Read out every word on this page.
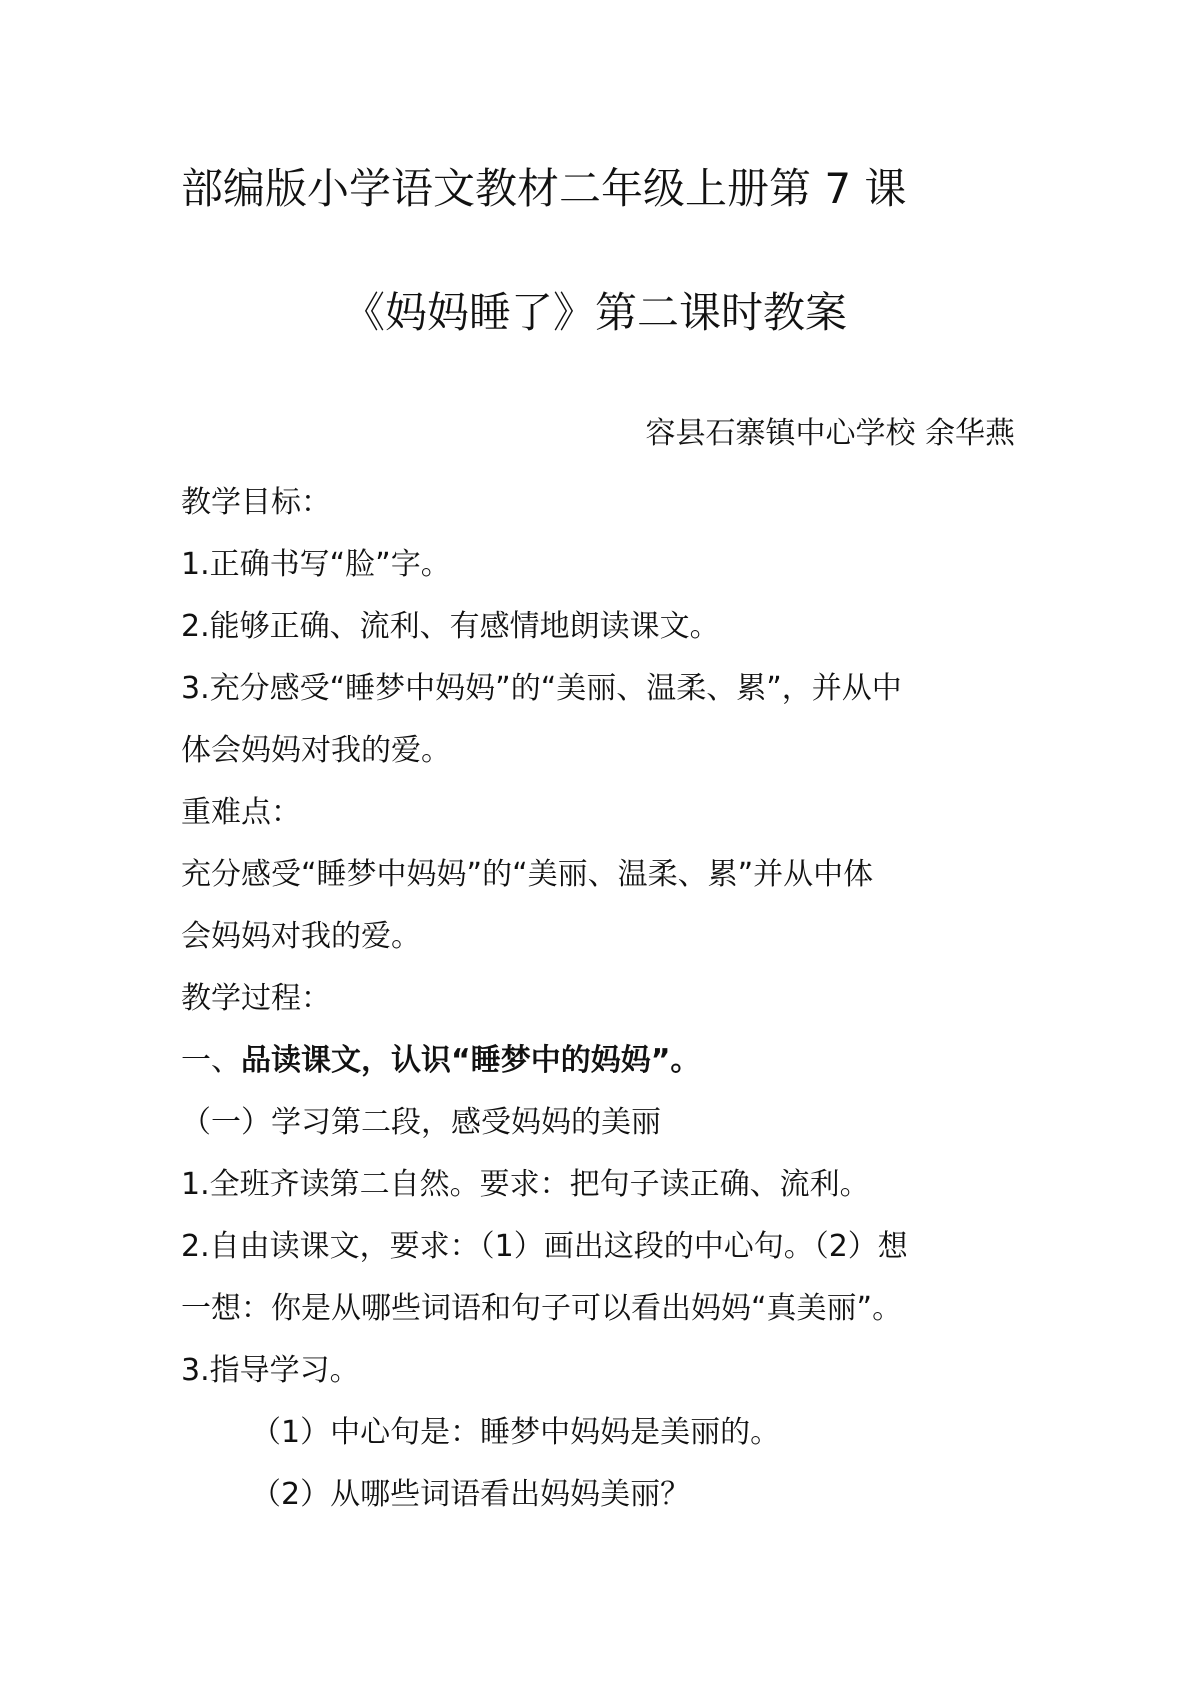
部编版小学语文教材二年级上册第 7 课
《妈妈睡了》第二课时教案
容县石寨镇中心学校 余华燕
教学目标：
1.正确书写“脸”字。
2.能够正确、流利、有感情地朗读课文。
3.充分感受“睡梦中妈妈”的“美丽、温柔、累”，并从中
体会妈妈对我的爱。
重难点：
充分感受“睡梦中妈妈”的“美丽、温柔、累”并从中体
会妈妈对我的爱。
教学过程：
一、品读课文，认识“睡梦中的妈妈”。
（一）学习第二段，感受妈妈的美丽
1.全班齐读第二自然。要求：把句子读正确、流利。
2.自由读课文，要求：（1）画出这段的中心句。（2）想
一想：你是从哪些词语和句子可以看出妈妈“真美丽”。
3.指导学习。
（1）中心句是：睡梦中妈妈是美丽的。
（2）从哪些词语看出妈妈美丽？
